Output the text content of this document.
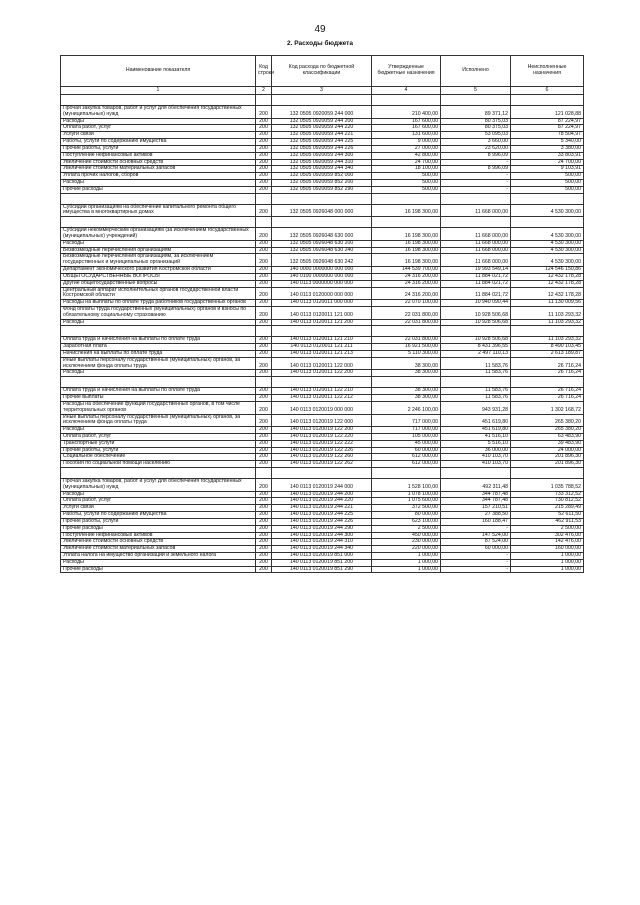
49
2. Расходы бюджета
Наименование показателя	Код строки	Код расхода по бюджетной классификации	Утвержденные бюджетные назначения	Исполнено	Неисполненные назначения
1	2	3	4	5	6

Прочая закупка товаров, работ и услуг для обеспечения государственных (муниципальных) нужд	200	132 0505 0920059 244 000	210 400,00	89 371,12	121 028,88
Расходы	200	132 0505 0920059 244 200	167 600,00	80 375,03	87 224,97
Оплата работ, услуг	200	132 0505 0920059 244 220	167 600,00	80 375,03	87 224,97
Услуги связи	200	132 0505 0920059 244 221	131 600,00	53 095,03	78 504,97
Работы, услуги по содержанию имущества	200	132 0505 0920059 244 225	9 000,00	3 660,00	5 340,00
Прочие работы, услуги	200	132 0505 0920059 244 226	27 000,00	23 620,00	3 380,00
Поступление нефинансовых активов	200	132 0505 0920059 244 300	42 800,00	8 996,09	33 803,91
Увеличение стоимости основных средств	200	132 0505 0920059 244 310	24 700,00	-	24 700,00
Увеличение стоимости материальных запасов	200	132 0505 0920059 244 340	18 100,00	8 996,09	9 103,91
Уплата прочих налогов, сборов	200	132 0505 0920059 852 000	500,00	-	500,00
Расходы	200	132 0505 0920059 852 200	500,00	-	500,00
Прочие расходы	200	132 0505 0920059 852 290	500,00	-	500,00

Субсидии организациям на обеспечение капитального ремонта общего имущества в многоквартирных домах	200	132 0505 0926048 000 000	16 198 300,00	11 668 000,00	4 530 300,00

Субсидии некоммерческим организациям (за исключением государственных (муниципальных) учреждений)	200	132 0505 0926048 630 000	16 198 300,00	11 668 000,00	4 530 300,00
Расходы	200	132 0505 0926048 630 200	16 198 300,00	11 668 000,00	4 530 300,00
Безвозмездные перечисления организациям	200	132 0505 0926048 630 240	16 198 300,00	11 668 000,00	4 530 300,00
Безвозмездные перечисления организациям, за исключением государственных и муниципальных организаций	200	132 0505 0926048 630 242	16 198 300,00	11 668 000,00	4 530 300,00
Департамент экономического развития Костромской области	200	140 0000 0000000 000 000	144 539 700,00	19 993 549,14	124 546 150,86
ОБЩЕГОСУДАРСТВЕННЫЕ ВОПРОСЫ	200	140 0100 0000000 000 000	24 316 200,00	11 884 021,72	12 432 178,28
Другие общегосударственные вопросы	200	140 0113 0000000 000 000	24 316 200,00	11 884 021,72	12 432 178,28
Центральный аппарат исполнительных органов государственной власти Костромской области	200	140 0113 0120000 000 000	24 316 200,00	11 884 021,72	12 432 178,28
Расходы на выплаты по оплате труда работников государственных органов	200	140 0113 0120011 000 000	22 070 100,00	10 940 090,44	11 130 009,56
Фонд оплаты труда государственных (муниципальных) органов и взносы по обязательному социальному страхованию	200	140 0113 0120011 121 000	22 031 800,00	10 928 506,68	11 103 293,32
Расходы	200	140 0113 0120011 121 200	22 031 800,00	10 928 506,68	11 103 293,32

Оплата труда и начисления на выплаты по оплате труда	200	140 0113 0120011 121 210	22 031 800,00	10 928 506,68	11 103 293,32
Заработная плата	200	140 0113 0120011 121 211	16 921 500,00	8 431 396,55	8 490 103,45
Начисления на выплаты по оплате труда	200	140 0113 0120011 121 213	5 110 300,00	2 497 110,13	2 613 189,87
Иные выплаты персоналу государственных (муниципальных) органов, за исключением фонда оплаты труда	200	140 0113 0120011 122 000	38 300,00	11 583,76	26 716,24
Расходы	200	140 0113 0120011 122 200	38 300,00	11 583,76	26 716,24

Оплата труда и начисления на выплаты по оплате труда	200	140 0113 0120011 122 210	38 300,00	11 583,76	26 716,24
Прочие выплаты	200	140 0113 0120011 122 212	38 300,00	11 583,76	26 716,24
Расходы на обеспечение функций государственных органов, в том числе территориальных органов	200	140 0113 0120019 000 000	2 246 100,00	943 931,28	1 302 168,72
Иные выплаты персоналу государственных (муниципальных) органов, за исключением фонда оплаты труда	200	140 0113 0120019 122 000	717 000,00	451 619,80	265 380,20
Расходы	200	140 0113 0120019 122 200	717 000,00	451 619,80	265 380,20
Оплата работ, услуг	200	140 0113 0120019 122 220	105 000,00	41 516,10	63 483,90
Транспортные услуги	200	140 0113 0120019 122 222	45 000,00	5 516,10	39 483,90
Прочие работы, услуги	200	140 0113 0120019 122 226	60 000,00	36 000,00	24 000,00
Социальное обеспечение	200	140 0113 0120019 122 260	612 000,00	410 103,70	201 896,30
Пособия по социальной помощи населению	200	140 0113 0120019 122 262	612 000,00	410 103,70	201 896,30

Прочая закупка товаров, работ и услуг для обеспечения государственных (муниципальных) нужд	200	140 0113 0120019 244 000	1 528 100,00	492 311,48	1 035 788,52
Расходы	200	140 0113 0120019 244 200	1 078 100,00	344 787,48	733 312,52
Оплата работ, услуг	200	140 0113 0120019 244 220	1 075 600,00	344 787,48	730 812,52
Услуги связи	200	140 0113 0120019 244 221	372 500,00	157 210,51	215 289,49
Работы, услуги по содержанию имущества	200	140 0113 0120019 244 225	80 000,00	27 388,50	52 611,50
Прочие работы, услуги	200	140 0113 0120019 244 226	623 100,00	160 188,47	462 911,53
Прочие расходы	200	140 0113 0120019 244 290	2 500,00	-	2 500,00
Поступление нефинансовых активов	200	140 0113 0120019 244 300	450 000,00	147 524,00	302 476,00
Увеличение стоимости основных средств	200	140 0113 0120019 244 310	230 000,00	87 524,00	142 476,00
Увеличение стоимости материальных запасов	200	140 0113 0120019 244 340	220 000,00	60 000,00	160 000,00
Уплата налога на имущество организаций и земельного налога	200	140 0113 0120019 851 000	1 000,00	-	1 000,00
Расходы	200	140 0113 0120019 851 200	1 000,00	-	1 000,00
Прочие расходы	200	140 0113 0120019 851 290	1 000,00	-	1 000,00
